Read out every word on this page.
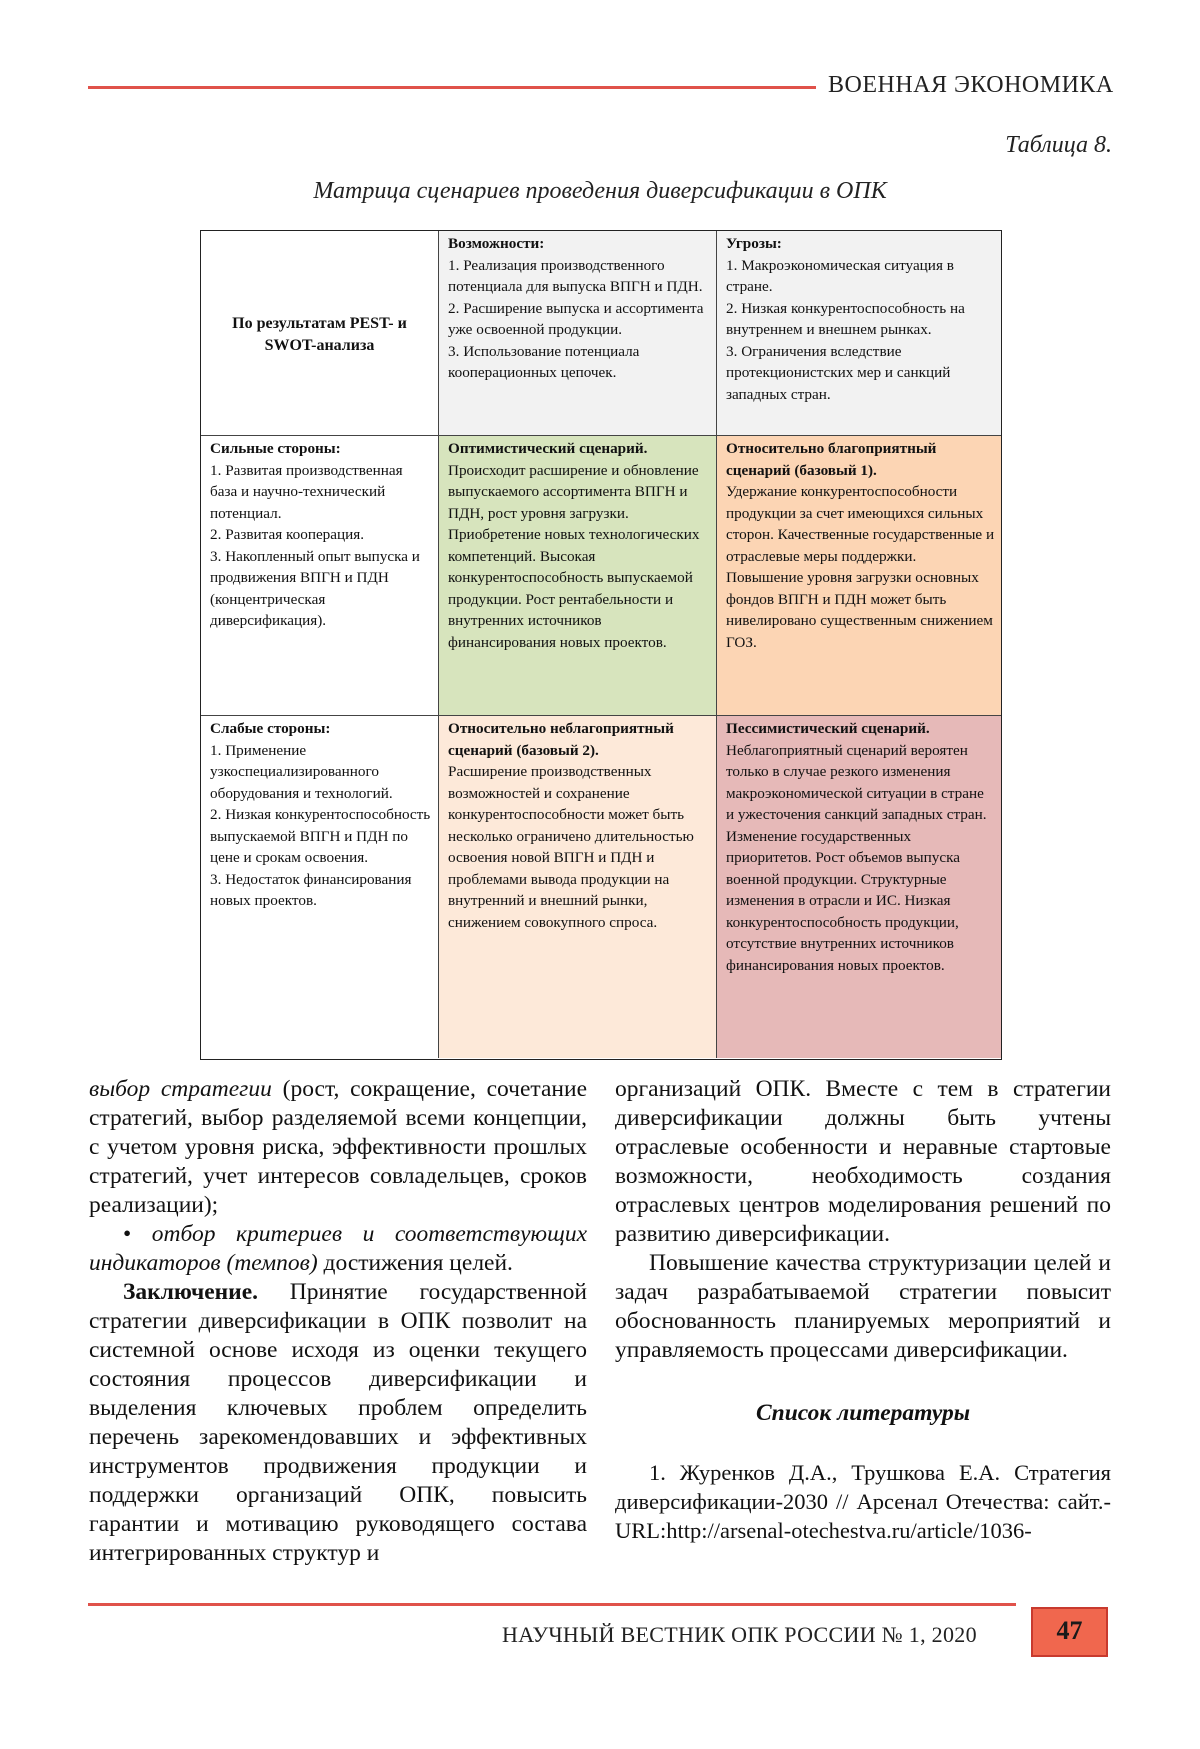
ВОЕННАЯ ЭКОНОМИКА
Таблица 8.
Матрица сценариев проведения диверсификации в ОПК
По результатам PEST- и SWOT-анализа
Возможности:
1. Реализация производственного потенциала для выпуска ВПГН и ПДН.
2. Расширение выпуска и ассортимента уже освоенной продукции.
3. Использование потенциала кооперационных цепочек.
Угрозы:
1. Макроэкономическая ситуация в стране.
2. Низкая конкурентоспособность на внутреннем и внешнем рынках.
3. Ограничения вследствие протекционистских мер и санкций западных стран.
Сильные стороны:
1. Развитая производственная база и научно-технический потенциал.
2. Развитая кооперация.
3. Накопленный опыт выпуска и продвижения ВПГН и ПДН (концентрическая диверсификация).
Оптимистический сценарий.
Происходит расширение и обновление выпускаемого ассортимента ВПГН и ПДН, рост уровня загрузки. Приобретение новых технологических компетенций. Высокая конкурентоспособность выпускаемой продукции. Рост рентабельности и внутренних источников финансирования новых проектов.
Относительно благоприятный сценарий (базовый 1).
Удержание конкурентоспособности продукции за счет имеющихся сильных сторон. Качественные государственные и отраслевые меры поддержки. Повышение уровня загрузки основных фондов ВПГН и ПДН может быть нивелировано существенным снижением ГОЗ.
Слабые стороны:
1. Применение узкоспециализированного оборудования и технологий.
2. Низкая конкурентоспособность выпускаемой ВПГН и ПДН по цене и срокам освоения.
3. Недостаток финансирования новых проектов.
Относительно неблагоприятный сценарий (базовый 2).
Расширение производственных возможностей и сохранение конкурентоспособности может быть несколько ограничено длительностью освоения новой ВПГН и ПДН и проблемами вывода продукции на внутренний и внешний рынки, снижением совокупного спроса.
Пессимистический сценарий.
Неблагоприятный сценарий вероятен только в случае резкого изменения макроэкономической ситуации в стране и ужесточения санкций западных стран. Изменение государственных приоритетов. Рост объемов выпуска военной продукции. Структурные изменения в отрасли и ИС. Низкая конкурентоспособность продукции, отсутствие внутренних источников финансирования новых проектов.

выбор стратегии (рост, сокращение, сочетание стратегий, выбор разделяемой всеми концепции, с учетом уровня риска, эффективности прошлых стратегий, учет интересов совладельцев, сроков реализации);

• отбор критериев и соответствующих индикаторов (темпов) достижения целей.

Заключение. Принятие государственной стратегии диверсификации в ОПК позволит на системной основе исходя из оценки текущего состояния процессов диверсификации и выделения ключевых проблем определить перечень зарекомендовавших и эффективных инструментов продвижения продукции и поддержки организаций ОПК, повысить гарантии и мотивацию руководящего состава интегрированных структур и

организаций ОПК. Вместе с тем в стратегии диверсификации должны быть учтены отраслевые особенности и неравные стартовые возможности, необходимость создания отраслевых центров моделирования решений по развитию диверсификации.

Повышение качества структуризации целей и задач разрабатываемой стратегии повысит обоснованность планируемых мероприятий и управляемость процессами диверсификации.

Список литературы

1. Журенков Д.А., Трушкова Е.А. Стратегия диверсификации-2030 // Арсенал Отечества: сайт.-URL:http://arsenal-otechestva.ru/article/1036-

НАУЧНЫЙ ВЕСТНИК ОПК РОССИИ № 1, 2020	47
